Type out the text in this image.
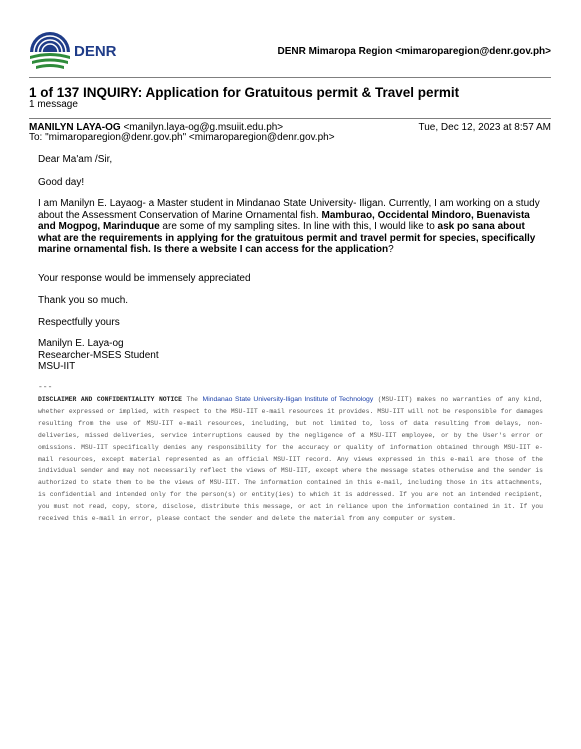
DENR	DENR Mimaropa Region <mimaroparegion@denr.gov.ph>
1 of 137 INQUIRY: Application for Gratuitous permit & Travel permit
1 message
MANILYN LAYA-OG <manilyn.laya-og@g.msuiit.edu.ph>	Tue, Dec 12, 2023 at 8:57 AM
To: "mimaroparegion@denr.gov.ph" <mimaroparegion@denr.gov.ph>
Dear Ma'am /Sir,
Good day!
I am Manilyn E. Layaog- a Master student in Mindanao State University- Iligan. Currently, I am working on a study about the Assessment Conservation of Marine Ornamental fish. Mamburao, Occidental Mindoro, Buenavista and Mogpog, Marinduque are some of my sampling sites. In line with this, I would like to ask po sana about what are the requirements in applying for the gratuitous permit and travel permit for species, specifically marine ornamental fish. Is there a website I can access for the application?
Your response would be immensely appreciated
Thank you so much.
Respectfully yours
Manilyn E. Laya-og
Researcher-MSES Student
MSU-IIT
---
DISCLAIMER AND CONFIDENTIALITY NOTICE The Mindanao State University-Iligan Institute of Technology (MSU-IIT) makes no warranties of any kind, whether expressed or implied, with respect to the MSU-IIT e-mail resources it provides. MSU-IIT will not be responsible for damages resulting from the use of MSU-IIT e-mail resources, including, but not limited to, loss of data resulting from delays, non-deliveries, missed deliveries, service interruptions caused by the negligence of a MSU-IIT employee, or by the User's error or omissions. MSU-IIT specifically denies any responsibility for the accuracy or quality of information obtained through MSU-IIT e-mail resources, except material represented as an official MSU-IIT record. Any views expressed in this e-mail are those of the individual sender and may not necessarily reflect the views of MSU-IIT, except where the message states otherwise and the sender is authorized to state them to be the views of MSU-IIT. The information contained in this e-mail, including those in its attachments, is confidential and intended only for the person(s) or entity(ies) to which it is addressed. If you are not an intended recipient, you must not read, copy, store, disclose, distribute this message, or act in reliance upon the information contained in it. If you received this e-mail in error, please contact the sender and delete the material from any computer or system.
